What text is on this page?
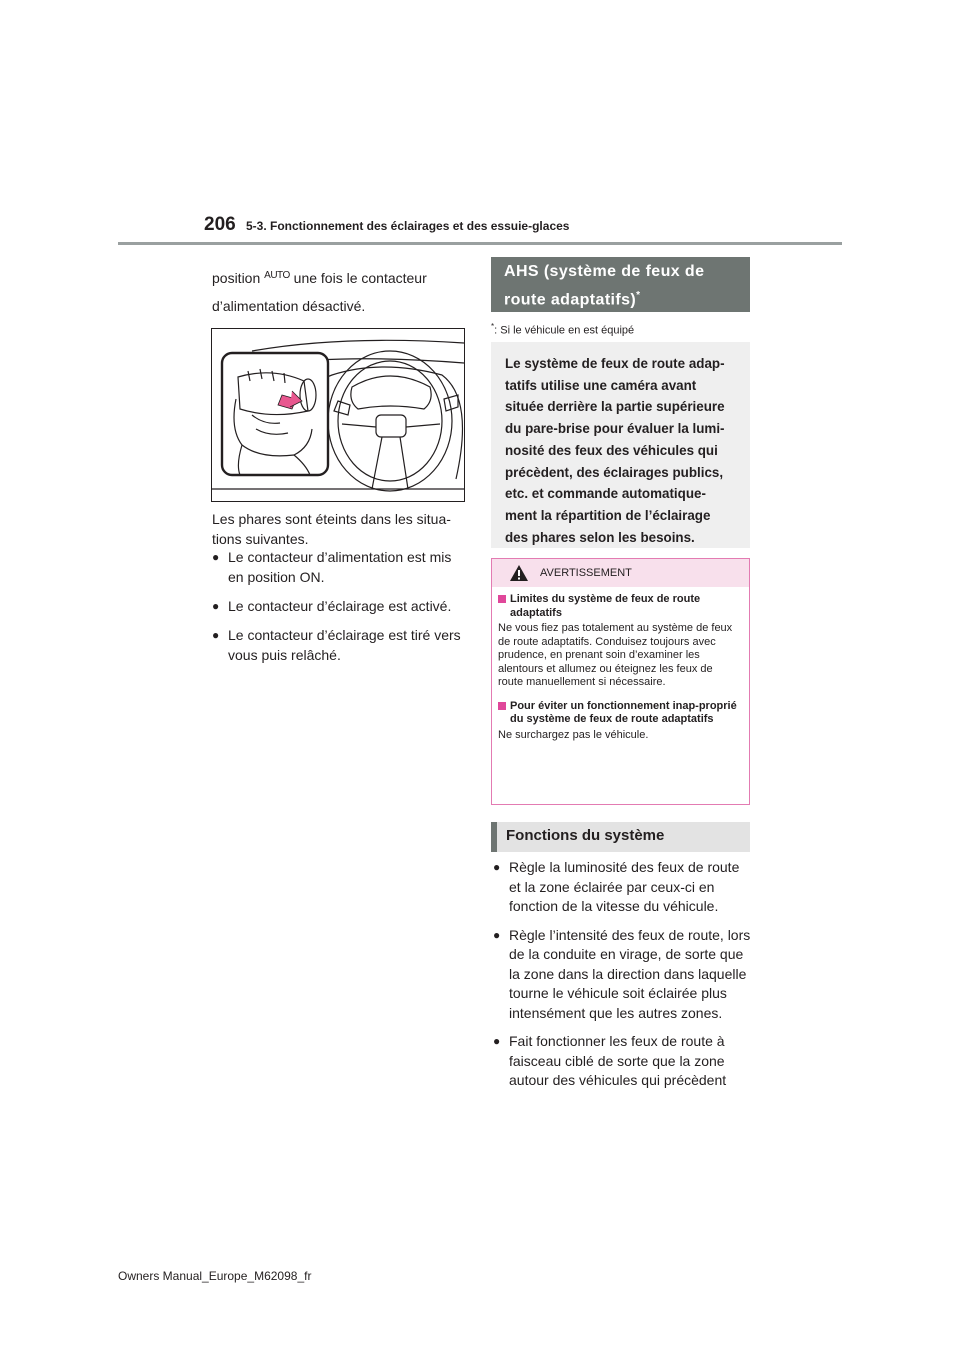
206 5-3. Fonctionnement des éclairages et des essuie-glaces
position $^{AUTO}$ une fois le contacteur
d’alimentation désactivé.
Les phares sont éteints dans les situa-tions suivantes.
● Le contacteur d’alimentation est mis en position ON.
● Le contacteur d’éclairage est activé.
● Le contacteur d’éclairage est tiré vers vous puis relâché.
AHS (système de feux de route adaptatifs)*
*: Si le véhicule en est équipé
Le système de feux de route adap-tatifs utilise une caméra avant située derrière la partie supérieure du pare-brise pour évaluer la lumi-nosité des feux des véhicules qui précèdent, des éclairages publics, etc. et commande automatique-ment la répartition de l’éclairage des phares selon les besoins.
AVERTISSEMENT
Limites du système de feux de route adaptatifs
Ne vous fiez pas totalement au système de feux de route adaptatifs. Conduisez toujours avec prudence, en prenant soin d’examiner les alentours et allumez ou éteignez les feux de route manuellement si nécessaire.
Pour éviter un fonctionnement inap-proprié du système de feux de route adaptatifs
Ne surchargez pas le véhicule.
Fonctions du système
● Règle la luminosité des feux de route et la zone éclairée par ceux-ci en fonction de la vitesse du véhicule.
● Règle l’intensité des feux de route, lors de la conduite en virage, de sorte que la zone dans la direction dans laquelle tourne le véhicule soit éclairée plus intensément que les autres zones.
● Fait fonctionner les feux de route à faisceau ciblé de sorte que la zone autour des véhicules qui précèdent
Owners Manual_Europe_M62098_fr
